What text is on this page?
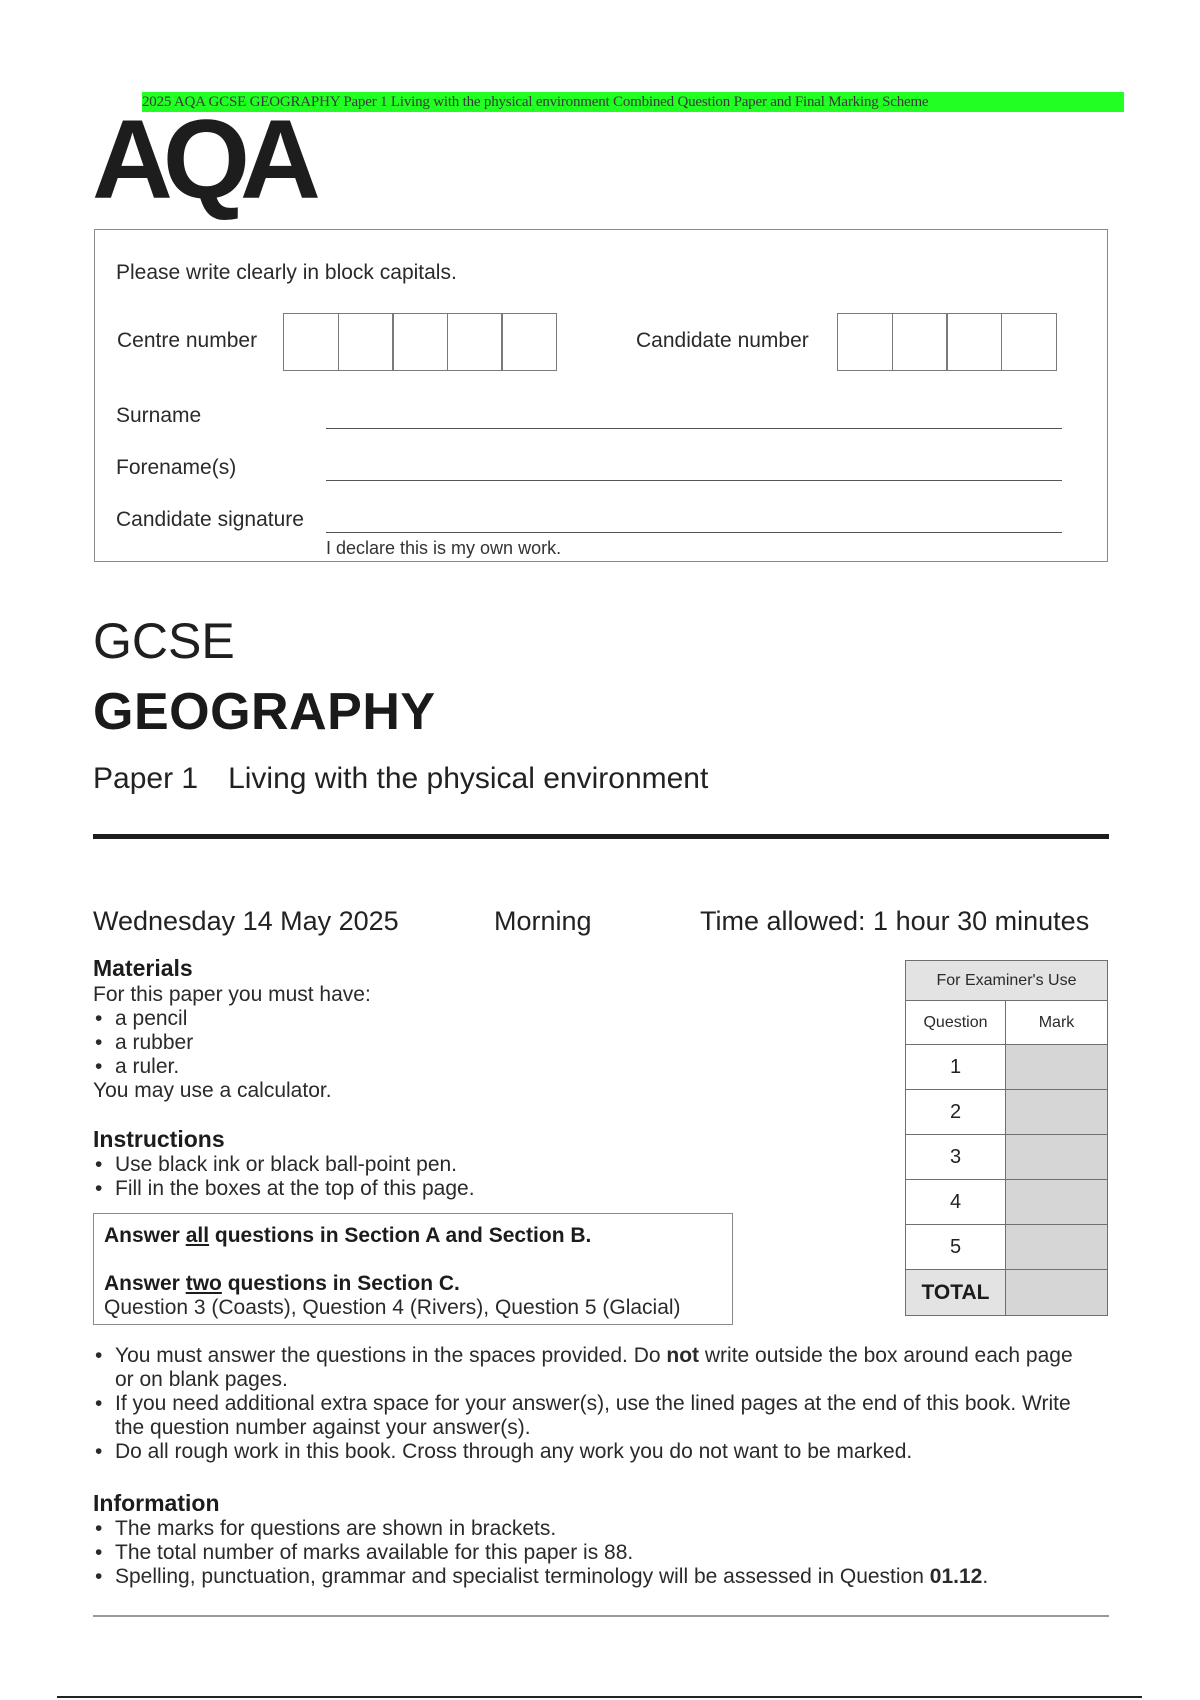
2025 AQA GCSE GEOGRAPHY Paper 1 Living with the physical environment Combined Question Paper and Final Marking Scheme
AQA
Please write clearly in block capitals.
Centre number	Candidate number
Surname
Forename(s)
Candidate signature
I declare this is my own work.
GCSE
GEOGRAPHY
Paper 1 Living with the physical environment
Wednesday 14 May 2025	Morning	Time allowed: 1 hour 30 minutes
Materials
For this paper you must have:
• a pencil
• a rubber
• a ruler.
You may use a calculator.
Instructions
• Use black ink or black ball-point pen.
• Fill in the boxes at the top of this page.
Answer all questions in Section A and Section B.
Answer two questions in Section C.
Question 3 (Coasts), Question 4 (Rivers), Question 5 (Glacial)
• You must answer the questions in the spaces provided. Do not write outside the box around each page or on blank pages.
• If you need additional extra space for your answer(s), use the lined pages at the end of this book. Write the question number against your answer(s).
• Do all rough work in this book. Cross through any work you do not want to be marked.
Information
• The marks for questions are shown in brackets.
• The total number of marks available for this paper is 88.
• Spelling, punctuation, grammar and specialist terminology will be assessed in Question 01.12.
For Examiner's Use	
Question	Mark
1	
2	
3	
4	
5	
TOTAL	
